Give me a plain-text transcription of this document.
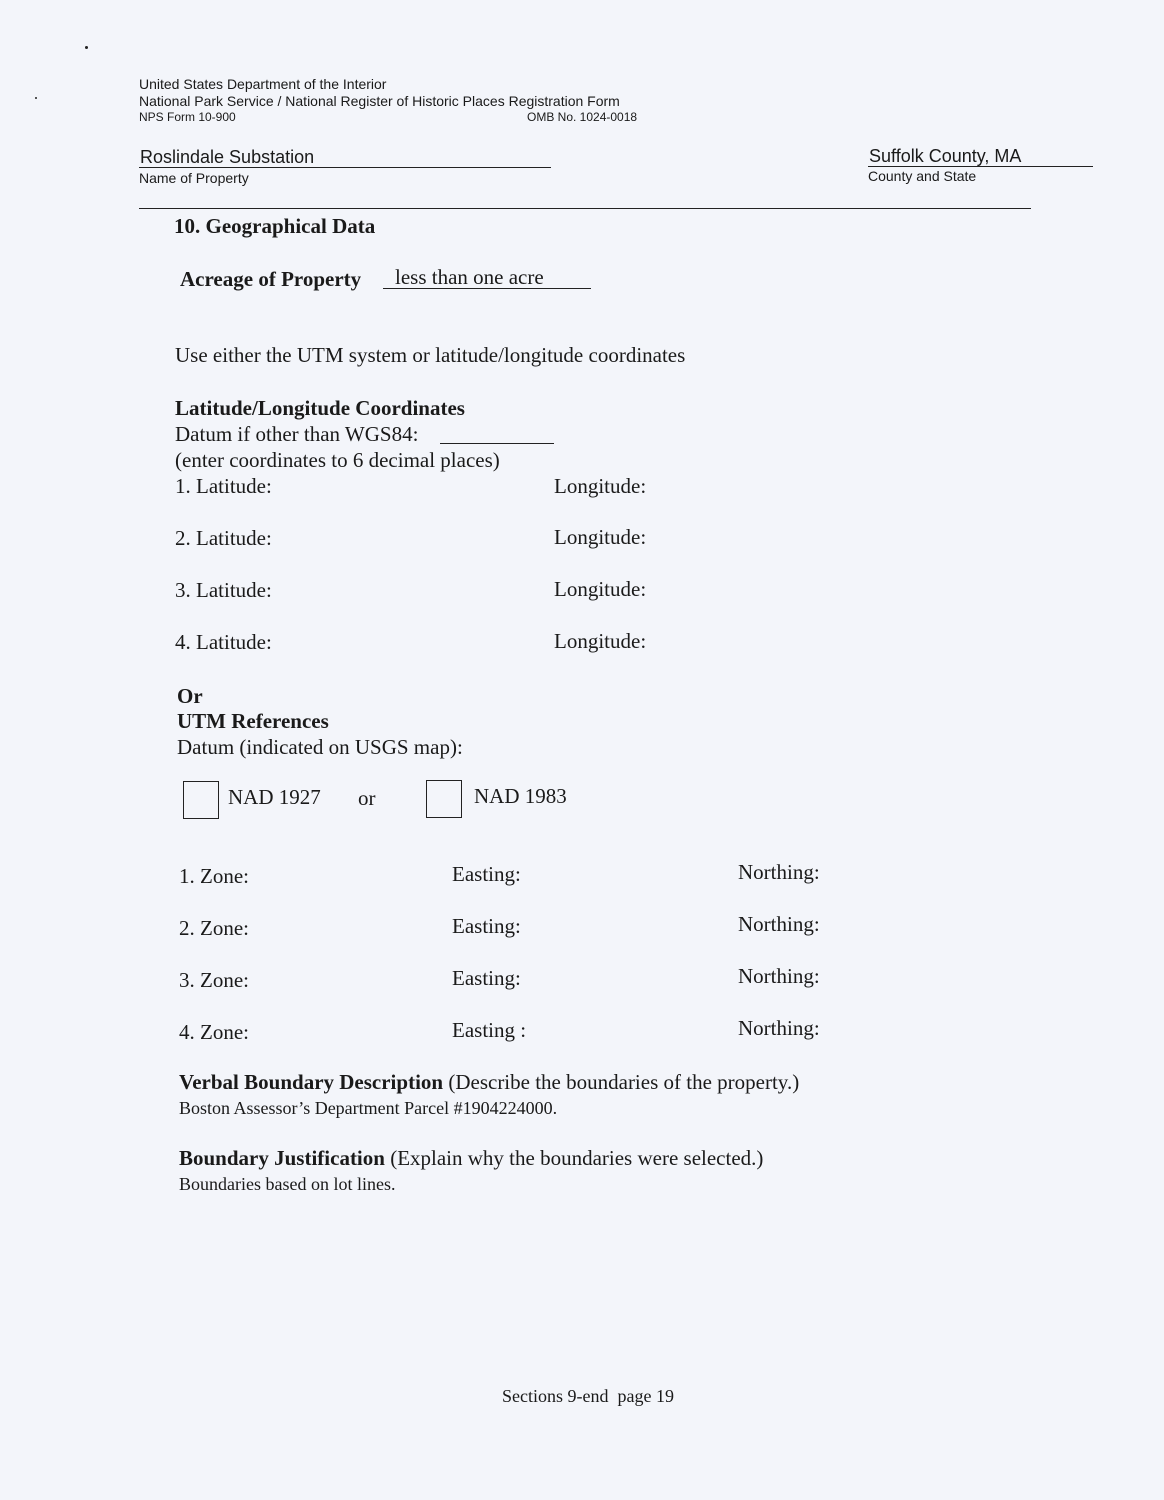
United States Department of the Interior
National Park Service / National Register of Historic Places Registration Form
NPS Form 10-900	OMB No. 1024-0018
Roslindale Substation
Name of Property
Suffolk County, MA
County and State
10. Geographical Data
Acreage of Property less than one acre
Use either the UTM system or latitude/longitude coordinates
Latitude/Longitude Coordinates
Datum if other than WGS84:
(enter coordinates to 6 decimal places)
1. Latitude:	Longitude:
2. Latitude:	Longitude:
3. Latitude:	Longitude:
4. Latitude:	Longitude:
Or
UTM References
Datum (indicated on USGS map):
NAD 1927 or	NAD 1983
1. Zone:	Easting:	Northing:
2. Zone:	Easting:	Northing:
3. Zone:	Easting:	Northing:
4. Zone:	Easting :	Northing:
Verbal Boundary Description (Describe the boundaries of the property.)
Boston Assessor’s Department Parcel #1904224000.
Boundary Justification (Explain why the boundaries were selected.)
Boundaries based on lot lines.
Sections 9-end  page 19
